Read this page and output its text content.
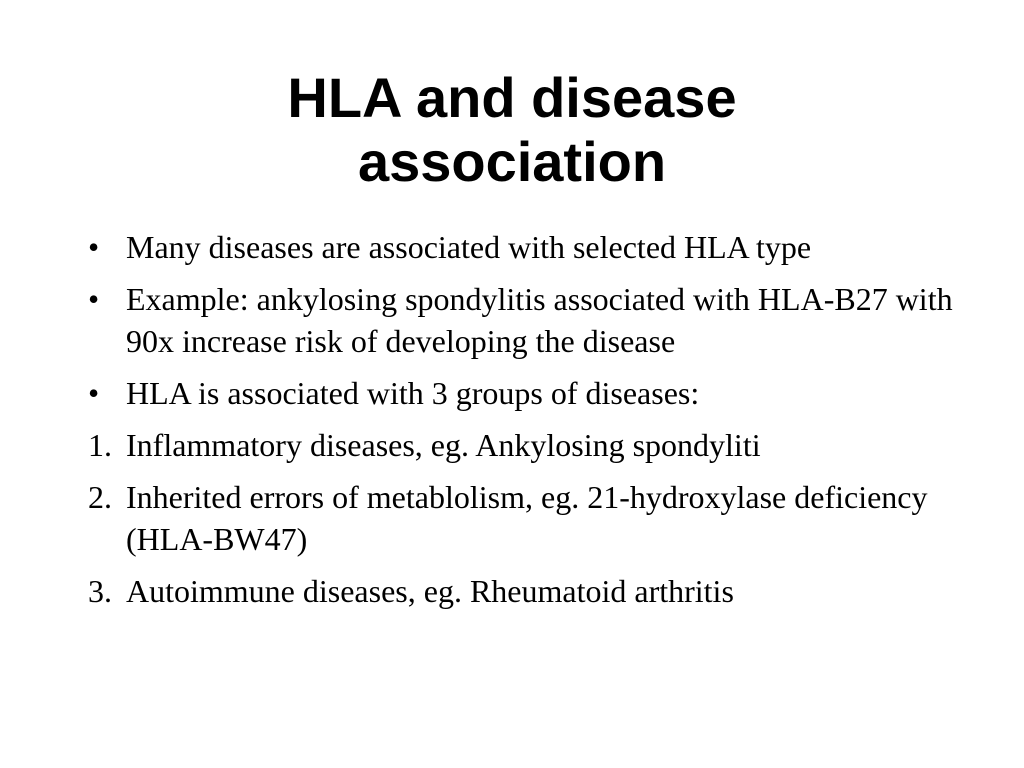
HLA and disease
association
• Many diseases are associated with selected HLA type
• Example: ankylosing spondylitis associated with HLA-B27 with 90x increase risk of developing the disease
• HLA is associated with 3 groups of diseases:
1. Inflammatory diseases, eg. Ankylosing spondyliti
2. Inherited errors of metablolism, eg. 21-hydroxylase deficiency (HLA-BW47)
3. Autoimmune diseases, eg. Rheumatoid arthritis
